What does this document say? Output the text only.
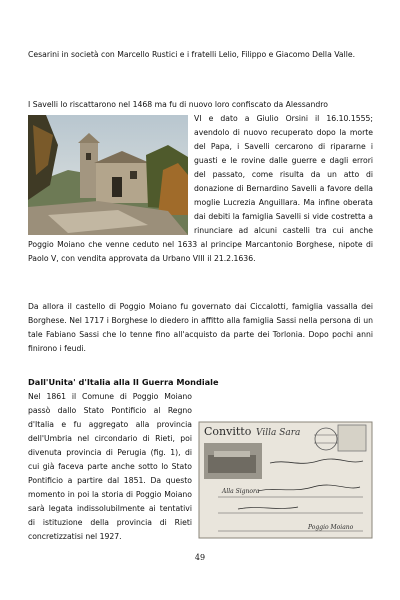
Cesarini in società con Marcello Rustici e i fratelli Lelio, Filippo e Giacomo Della Valle.

I Savelli lo riscattarono nel 1468 ma fu di nuovo loro confiscato da Alessandro
VI e dato a Giulio Orsini il 16.10.1555; avendolo di nuovo recuperato dopo la morte del Papa, i Savelli cercarono di ripararne i guasti e le rovine dalle guerre e dagli errori del passato, come risulta da un atto di donazione di Bernardino Savelli a favore della moglie Lucrezia Anguillara. Ma infine oberata dai debiti la famiglia Savelli si vide costretta a rinunciare ad alcuni castelli tra cui anche Poggio Moiano che venne ceduto nel 1633 al principe Marcantonio Borghese, nipote di Paolo V, con vendita approvata da Urbano VIII il 21.2.1636.

Da allora il castello di Poggio Moiano fu governato dai Ciccalotti, famiglia vassalla dei Borghese. Nel 1717 i Borghese lo diedero in affitto alla famiglia Sassi nella persona di un tale Fabiano Sassi che lo tenne fino all'acquisto da parte dei Torlonia. Dopo pochi anni finirono i feudi.

Dall'Unita' d'Italia alla II Guerra Mondiale
Convitto Villa Sara
Alla Signora
Poggio Moiano
Nel 1861 il Comune di Poggio Moiano passò dallo Stato Pontificio al Regno d'Italia e fu aggregato alla provincia dell'Umbria nel circondario di Rieti, poi divenuta provincia di Perugia (fig. 1), di cui già faceva parte anche sotto lo Stato Pontificio a partire dal 1851. Da questo momento in poi la storia di Poggio Moiano sarà legata indissolubilmente ai tentativi di istituzione della provincia di Rieti concretizzatisi nel 1927.
49
